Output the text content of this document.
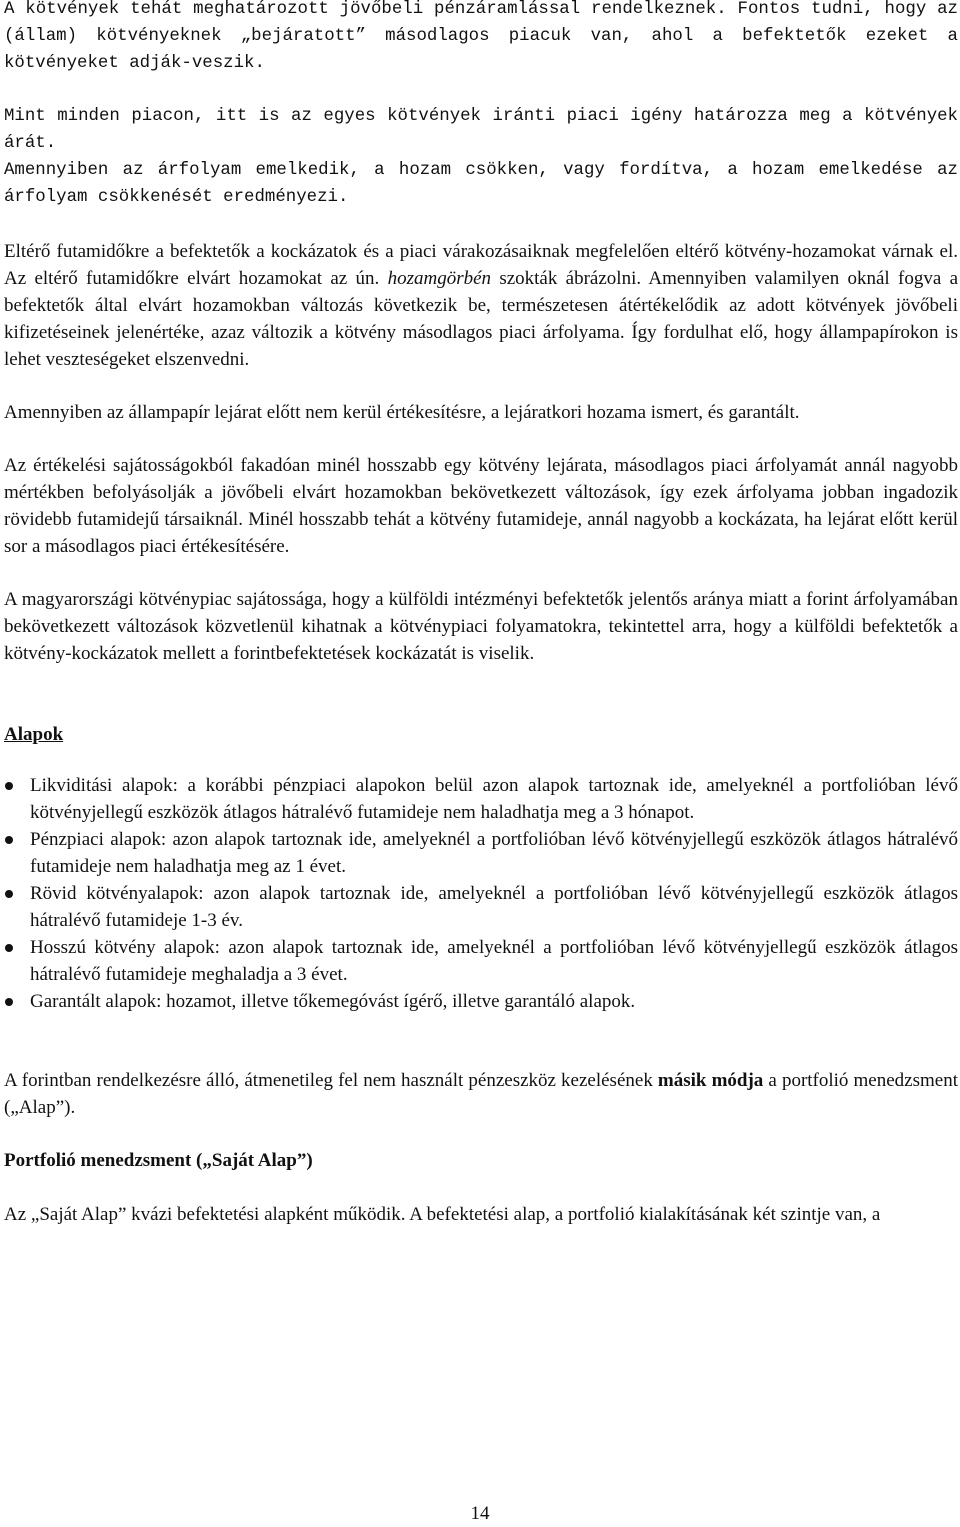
A kötvények tehát meghatározott jövőbeli pénzáramlással rendelkeznek. Fontos tudni, hogy az (állam) kötvényeknek „bejáratott” másodlagos piacuk van, ahol a befektetők ezeket a kötvényeket adják-veszik.

Mint minden piacon, itt is az egyes kötvények iránti piaci igény határozza meg a kötvények árát.

Amennyiben az árfolyam emelkedik, a hozam csökken, vagy fordítva, a hozam emelkedése az árfolyam csökkenését eredményezi.

Eltérő futamidőkre a befektetők a kockázatok és a piaci várakozásaiknak megfelelően eltérő kötvény-hozamokat várnak el. Az eltérő futamidőkre elvárt hozamokat az ún. hozamgörbén szokták ábrázolni. Amennyiben valamilyen oknál fogva a befektetők által elvárt hozamokban változás következik be, természetesen átértékelődik az adott kötvények jövőbeli kifizetéseinek jelenértéke, azaz változik a kötvény másodlagos piaci árfolyama. Így fordulhat elő, hogy állampapírokon is lehet veszteségeket elszenvedni.

Amennyiben az állampapír lejárat előtt nem kerül értékesítésre, a lejáratkori hozama ismert, és garantált.

Az értékelési sajátosságokból fakadóan minél hosszabb egy kötvény lejárata, másodlagos piaci árfolyamát annál nagyobb mértékben befolyásolják a jövőbeli elvárt hozamokban bekövetkezett változások, így ezek árfolyama jobban ingadozik rövidebb futamidejű társaiknál. Minél hosszabb tehát a kötvény futamideje, annál nagyobb a kockázata, ha lejárat előtt kerül sor a másodlagos piaci értékesítésére.

A magyarországi kötvénypiac sajátossága, hogy a külföldi intézményi befektetők jelentős aránya miatt a forint árfolyamában bekövetkezett változások közvetlenül kihatnak a kötvénypiaci folyamatokra, tekintettel arra, hogy a külföldi befektetők a kötvény-kockázatok mellett a forintbefektetések kockázatát is viselik.

Alapok
Likviditási alapok: a korábbi pénzpiaci alapokon belül azon alapok tartoznak ide, amelyeknél a portfolióban lévő kötvényjellegű eszközök átlagos hátralévő futamideje nem haladhatja meg a 3 hónapot.
Pénzpiaci alapok: azon alapok tartoznak ide, amelyeknél a portfolióban lévő kötvényjellegű eszközök átlagos hátralévő futamideje nem haladhatja meg az 1 évet.
Rövid kötvényalapok: azon alapok tartoznak ide, amelyeknél a portfolióban lévő kötvényjellegű eszközök átlagos hátralévő futamideje 1-3 év.
Hosszú kötvény alapok: azon alapok tartoznak ide, amelyeknél a portfolióban lévő kötvényjellegű eszközök átlagos hátralévő futamideje meghaladja a 3 évet.
Garantált alapok: hozamot, illetve tőkemegóvást ígérő, illetve garantáló alapok.

A forintban rendelkezésre álló, átmenetileg fel nem használt pénzeszköz kezelésének másik módja a portfolió menedzsment („Alap”).

Portfolió menedzsment („Saját Alap”)

Az „Saját Alap” kvázi befektetési alapként működik. A befektetési alap, a portfolió kialakításának két szintje van, a

14
